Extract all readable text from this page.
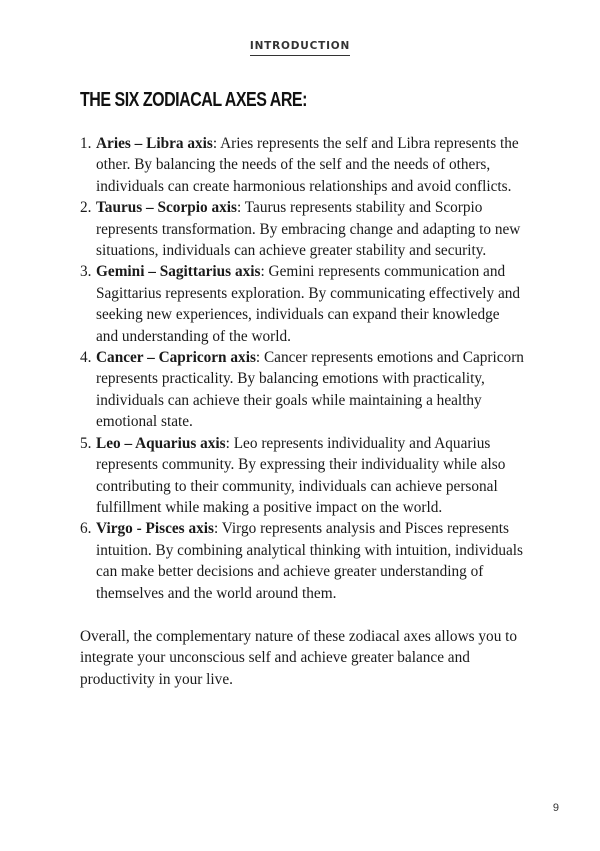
INTRODUCTION
THE SIX ZODIACAL AXES ARE:
1. Aries – Libra axis: Aries represents the self and Libra represents the other. By balancing the needs of the self and the needs of others, individuals can create harmonious relationships and avoid conflicts.
2. Taurus – Scorpio axis: Taurus represents stability and Scorpio represents transformation. By embracing change and adapting to new situations, individuals can achieve greater stability and security.
3. Gemini – Sagittarius axis: Gemini represents communication and Sagittarius represents exploration. By communicating effectively and seeking new experiences, individuals can expand their knowledge and understanding of the world.
4. Cancer – Capricorn axis: Cancer represents emotions and Capricorn represents practicality. By balancing emotions with practicality, individuals can achieve their goals while maintaining a healthy emotional state.
5. Leo – Aquarius axis: Leo represents individuality and Aquarius represents community. By expressing their individuality while also contributing to their community, individuals can achieve personal fulfillment while making a positive impact on the world.
6. Virgo - Pisces axis: Virgo represents analysis and Pisces represents intuition. By combining analytical thinking with intuition, individuals can make better decisions and achieve greater understanding of themselves and the world around them.

Overall, the complementary nature of these zodiacal axes allows you to integrate your unconscious self and achieve greater balance and productivity in your live.

9
